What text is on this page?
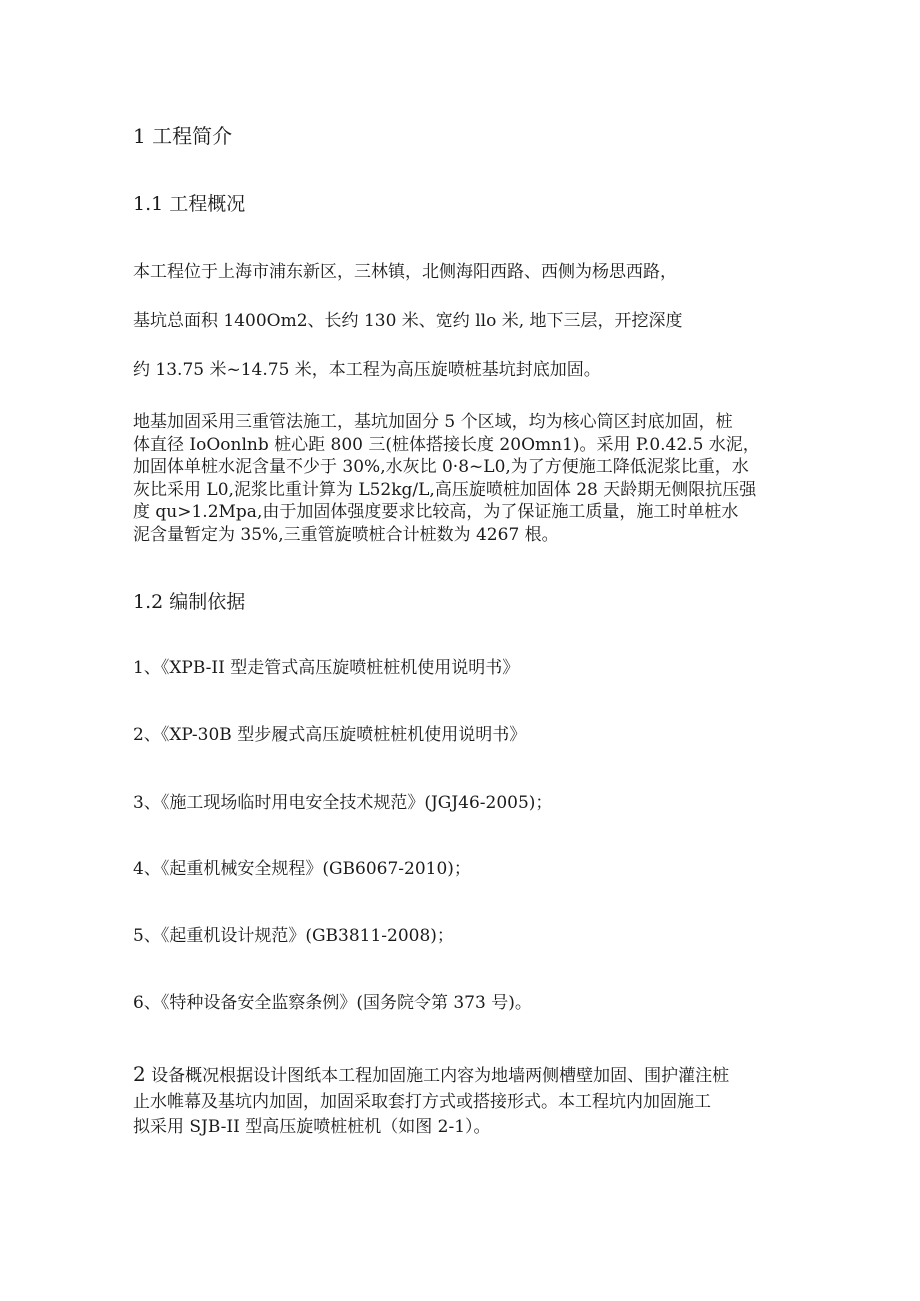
1 工程简介
1.1 工程概况
本工程位于上海市浦东新区，三林镇，北侧海阳西路、西侧为杨思西路，
基坑总面积 1400Om2、长约 130 米、宽约 llo 米, 地下三层，开挖深度
约 13.75 米~14.75 米，本工程为高压旋喷桩基坑封底加固。
地基加固采用三重管法施工，基坑加固分 5 个区域，均为核心筒区封底加固，桩
体直径 IoOonlnb 桩心距 800 三(桩体搭接长度 20Omn1)。采用 P.0.42.5 水泥，
加固体单桩水泥含量不少于 30%,水灰比 0·8~L0,为了方便施工降低泥浆比重，水
灰比采用 L0,泥浆比重计算为 L52kg∕L,高压旋喷桩加固体 28 天龄期无侧限抗压强
度 qu>1.2Mpa,由于加固体强度要求比较高，为了保证施工质量，施工时单桩水
泥含量暂定为 35%,三重管旋喷桩合计桩数为 4267 根。
1.2 编制依据
1、《XPB-II 型走管式高压旋喷桩桩机使用说明书》
2、《XP-30B 型步履式高压旋喷桩桩机使用说明书》
3、《施工现场临时用电安全技术规范》(JGJ46-2005)；
4、《起重机械安全规程》(GB6067-2010)；
5、《起重机设计规范》(GB3811-2008)；
6、《特种设备安全监察条例》(国务院令第 373 号)。
2 设备概况根据设计图纸本工程加固施工内容为地墙两侧槽壁加固、围护灌注桩
止水帷幕及基坑内加固，加固采取套打方式或搭接形式。本工程坑内加固施工
拟采用 SJB-II 型高压旋喷桩桩机（如图 2-1）。
